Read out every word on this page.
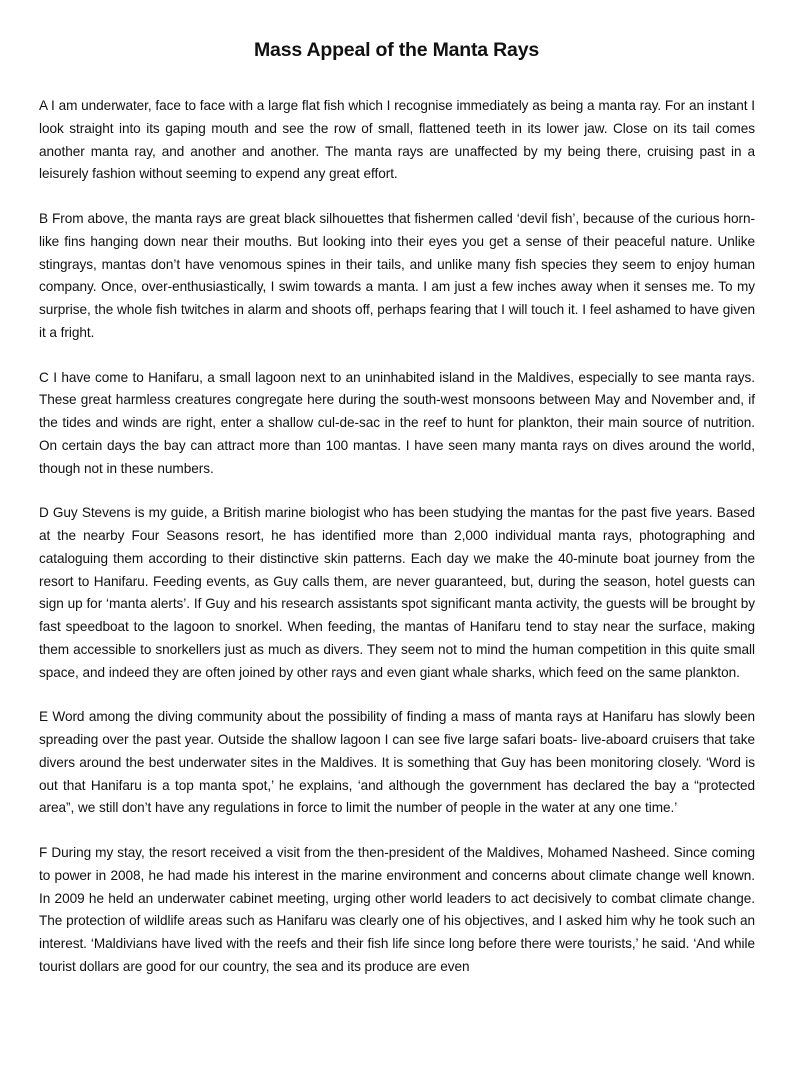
Mass Appeal of the Manta Rays

A I am underwater, face to face with a large flat fish which I recognise immediately as being a manta ray. For an instant I look straight into its gaping mouth and see the row of small, flattened teeth in its lower jaw. Close on its tail comes another manta ray, and another and another. The manta rays are unaffected by my being there, cruising past in a leisurely fashion without seeming to expend any great effort.

B From above, the manta rays are great black silhouettes that fishermen called ‘devil fish’, because of the curious horn-like fins hanging down near their mouths. But looking into their eyes you get a sense of their peaceful nature. Unlike stingrays, mantas don’t have venomous spines in their tails, and unlike many fish species they seem to enjoy human company. Once, over-enthusiastically, I swim towards a manta. I am just a few inches away when it senses me. To my surprise, the whole fish twitches in alarm and shoots off, perhaps fearing that I will touch it. I feel ashamed to have given it a fright.

C I have come to Hanifaru, a small lagoon next to an uninhabited island in the Maldives, especially to see manta rays. These great harmless creatures congregate here during the south-west monsoons between May and November and, if the tides and winds are right, enter a shallow cul-de-sac in the reef to hunt for plankton, their main source of nutrition. On certain days the bay can attract more than 100 mantas. I have seen many manta rays on dives around the world, though not in these numbers.

D Guy Stevens is my guide, a British marine biologist who has been studying the mantas for the past five years. Based at the nearby Four Seasons resort, he has identified more than 2,000 individual manta rays, photographing and cataloguing them according to their distinctive skin patterns. Each day we make the 40-minute boat journey from the resort to Hanifaru. Feeding events, as Guy calls them, are never guaranteed, but, during the season, hotel guests can sign up for ‘manta alerts’. If Guy and his research assistants spot significant manta activity, the guests will be brought by fast speedboat to the lagoon to snorkel. When feeding, the mantas of Hanifaru tend to stay near the surface, making them accessible to snorkellers just as much as divers. They seem not to mind the human competition in this quite small space, and indeed they are often joined by other rays and even giant whale sharks, which feed on the same plankton.

E Word among the diving community about the possibility of finding a mass of manta rays at Hanifaru has slowly been spreading over the past year. Outside the shallow lagoon I can see five large safari boats- live-aboard cruisers that take divers around the best underwater sites in the Maldives. It is something that Guy has been monitoring closely. ‘Word is out that Hanifaru is a top manta spot,’ he explains, ‘and although the government has declared the bay a “protected area”, we still don’t have any regulations in force to limit the number of people in the water at any one time.’

F During my stay, the resort received a visit from the then-president of the Maldives, Mohamed Nasheed. Since coming to power in 2008, he had made his interest in the marine environment and concerns about climate change well known. In 2009 he held an underwater cabinet meeting, urging other world leaders to act decisively to combat climate change. The protection of wildlife areas such as Hanifaru was clearly one of his objectives, and I asked him why he took such an interest. ‘Maldivians have lived with the reefs and their fish life since long before there were tourists,’ he said. ‘And while tourist dollars are good for our country, the sea and its produce are even
